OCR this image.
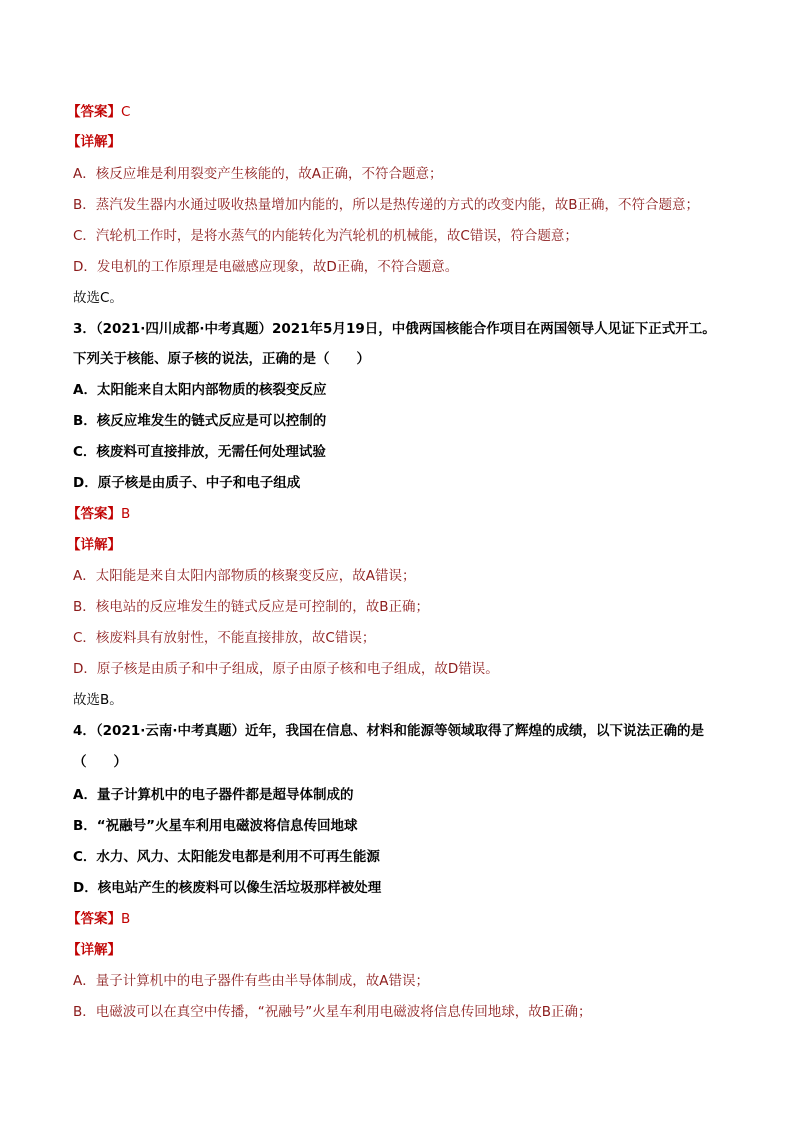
【答案】C
【详解】
A．核反应堆是利用裂变产生核能的，故A正确，不符合题意；
B．蒸汽发生器内水通过吸收热量增加内能的，所以是热传递的方式的改变内能，故B正确，不符合题意；
C．汽轮机工作时，是将水蒸气的内能转化为汽轮机的机械能，故C错误，符合题意；
D．发电机的工作原理是电磁感应现象，故D正确，不符合题意。
故选C。
3．（2021·四川成都·中考真题）2021年5月19日，中俄两国核能合作项目在两国领导人见证下正式开工。
下列关于核能、原子核的说法，正确的是（　　）
A．太阳能来自太阳内部物质的核裂变反应
B．核反应堆发生的链式反应是可以控制的
C．核废料可直接排放，无需任何处理试验
D．原子核是由质子、中子和电子组成
【答案】B
【详解】
A．太阳能是来自太阳内部物质的核聚变反应，故A错误；
B．核电站的反应堆发生的链式反应是可控制的，故B正确；
C．核废料具有放射性，不能直接排放，故C错误；
D．原子核是由质子和中子组成，原子由原子核和电子组成，故D错误。
故选B。
4．（2021·云南·中考真题）近年，我国在信息、材料和能源等领域取得了辉煌的成绩，以下说法正确的是
（　　）
A．量子计算机中的电子器件都是超导体制成的
B．“祝融号”火星车利用电磁波将信息传回地球
C．水力、风力、太阳能发电都是利用不可再生能源
D．核电站产生的核废料可以像生活垃圾那样被处理
【答案】B
【详解】
A．量子计算机中的电子器件有些由半导体制成，故A错误；
B．电磁波可以在真空中传播，“祝融号”火星车利用电磁波将信息传回地球，故B正确；
